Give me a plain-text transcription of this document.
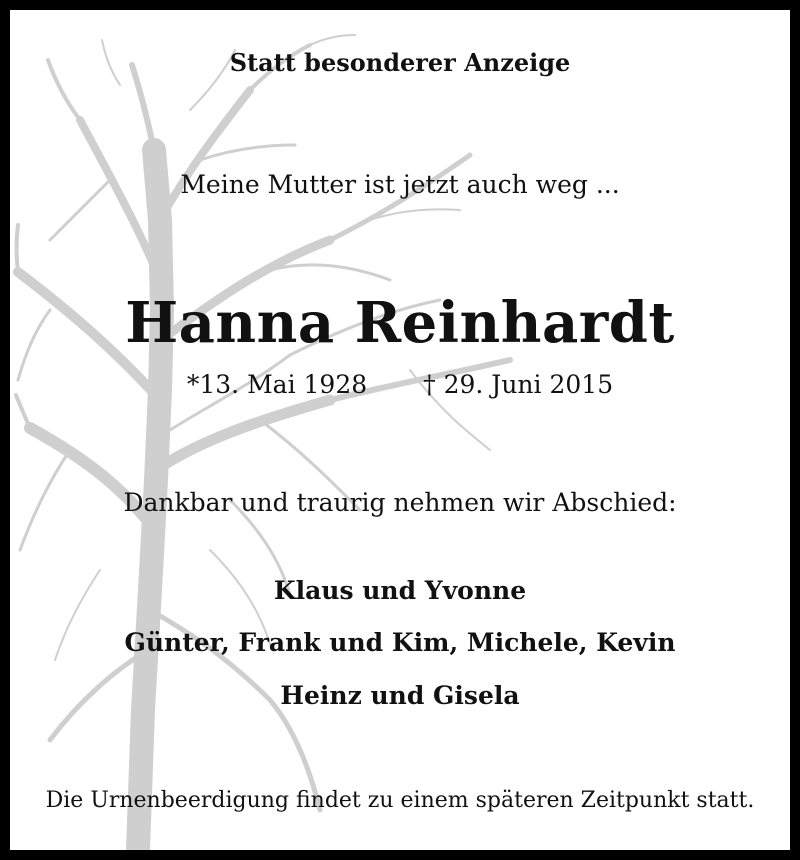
Statt besonderer Anzeige
Meine Mutter ist jetzt auch weg ...
Hanna Reinhardt
*13. Mai 1928 † 29. Juni 2015
Dankbar und traurig nehmen wir Abschied:
Klaus und Yvonne
Günter, Frank und Kim, Michele, Kevin
Heinz und Gisela
Die Urnenbeerdigung findet zu einem späteren Zeitpunkt statt.
